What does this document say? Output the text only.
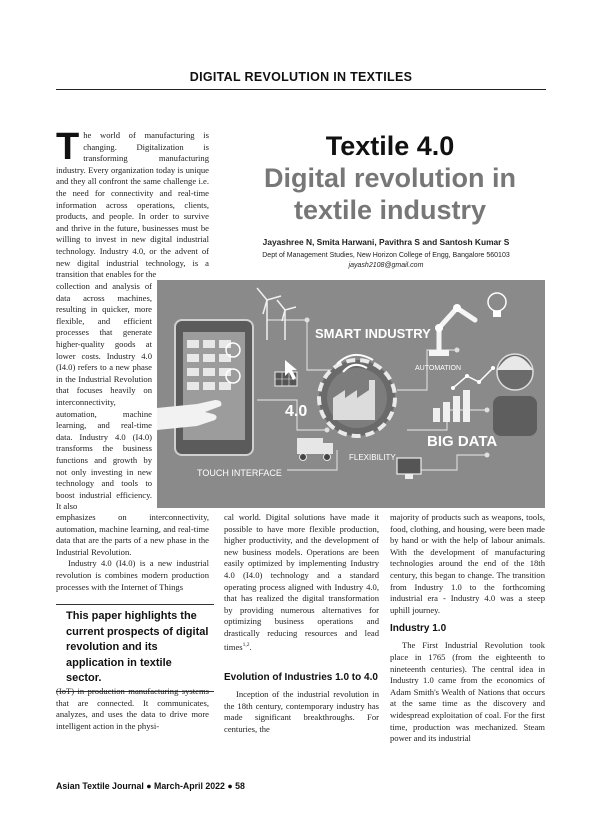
DIGITAL REVOLUTION IN TEXTILES
The world of manufacturing is changing. Digitalization is transforming manufacturing industry. Every organization today is unique and they all confront the same challenge i.e. the need for connectivity and real-time information across operations, clients, products, and people. In order to survive and thrive in the future, businesses must be willing to invest in new digital industrial technology. Industry 4.0, or the advent of new digital industrial technology, is a transition that enables for the

collection and analysis of data across machines, resulting in quicker, more flexible, and efficient processes that generate higher-quality goods at lower costs. Industry 4.0 (I4.0) refers to a new phase in the Industrial Revolution that focuses heavily on interconnectivity, automation, machine learning, and real-time data. Industry 4.0 (I4.0) transforms the business functions and growth by not only investing in new technology and tools to boost industrial efficiency. It also

emphasizes on interconnectivity, automation, machine learning, and real-time data that are the parts of a new phase in the Industrial Revolution.

Industry 4.0 (I4.0) is a new industrial revolution is combines modern production processes with the Internet of Things

This paper highlights the current prospects of digital revolution and its application in textile sector.

(IoT) in production manufacturing systems that are connected. It communicates, analyzes, and uses the data to drive more intelligent action in the physi-

Textile 4.0
Digital revolution in
textile industry
Jayashree N, Smita Harwani, Pavithra S and Santosh Kumar S
Dept of Management Studies, New Horizon College of Engg, Bangalore 560103
jayash2108@gmail.com
SMART INDUSTRY
4.0
FLEXIBILITY
AUTOMATION
BIG DATA
TOUCH INTERFACE

cal world. Digital solutions have made it possible to have more flexible production, higher productivity, and the development of new business models. Operations are been easily optimized by implementing Industry 4.0 (I4.0) technology and a standard operating process aligned with Industry 4.0, that has realized the digital transformation by providing numerous alternatives for optimizing business operations and drastically reducing resources and lead times$^{1,2}$.

Evolution of Industries 1.0 to 4.0

Inception of the industrial revolution in the 18th century, contemporary industry has made significant breakthroughs. For centuries, the

majority of products such as weapons, tools, food, clothing, and housing, were been made by hand or with the help of labour animals. With the development of manufacturing technologies around the end of the 18th century, this began to change. The transition from Industry 1.0 to the forthcoming industrial era - Industry 4.0 was a steep uphill journey.

Industry 1.0

The First Industrial Revolution took place in 1765 (from the eighteenth to nineteenth centuries). The central idea in Industry 1.0 came from the economics of Adam Smith's Wealth of Nations that occurs at the same time as the discovery and widespread exploitation of coal. For the first time, production was mechanized. Steam power and its industrial

Asian Textile Journal ● March-April 2022 ● 58
